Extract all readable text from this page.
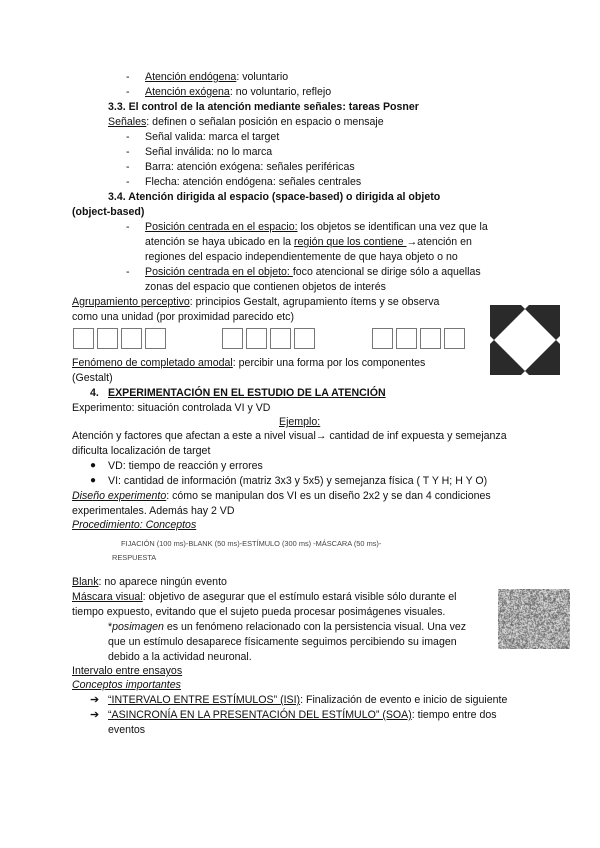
- Atención endógena: voluntario
- Atención exógena: no voluntario, reflejo
3.3. El control de la atención mediante señales: tareas Posner
Señales: definen o señalan posición en espacio o mensaje
- Señal valida: marca el target
- Señal inválida: no lo marca
- Barra: atención exógena: señales periféricas
- Flecha: atención endógena: señales centrales
3.4. Atención dirigida al espacio (space-based) o dirigida al objeto
(object-based)
- Posición centrada en el espacio: los objetos se identifican una vez que la
atención se haya ubicado en la región que los contiene →atención en
regiones del espacio independientemente de que haya objeto o no
- Posición centrada en el objeto: foco atencional se dirige sólo a aquellas
zonas del espacio que contienen objetos de interés
Agrupamiento perceptivo: principios Gestalt, agrupamiento ítems y se observa
como una unidad (por proximidad parecido etc)
Fenómeno de completado amodal: percibir una forma por los componentes
(Gestalt)
4. EXPERIMENTACIÓN EN EL ESTUDIO DE LA ATENCIÓN
Experimento: situación controlada VI y VD
Ejemplo:
Atención y factores que afectan a este a nivel visual→ cantidad de inf expuesta y semejanza
dificulta localización de target
● VD: tiempo de reacción y errores
● VI: cantidad de información (matriz 3x3 y 5x5) y semejanza física ( T Y H; H Y O)
Diseño experimento: cómo se manipulan dos VI es un diseño 2x2 y se dan 4 condiciones
experimentales. Además hay 2 VD
Procedimiento: Conceptos
FIJACIÓN (100 ms)-BLANK (50 ms)-ESTÍMULO (300 ms) -MÁSCARA (50 ms)-
RESPUESTA
Blank: no aparece ningún evento
Máscara visual: objetivo de asegurar que el estímulo estará visible sólo durante el
tiempo expuesto, evitando que el sujeto pueda procesar posimágenes visuales.
*posimagen es un fenómeno relacionado con la persistencia visual. Una vez
que un estímulo desaparece físicamente seguimos percibiendo su imagen
debido a la actividad neuronal.
Intervalo entre ensayos
Conceptos importantes
➔ “INTERVALO ENTRE ESTÍMULOS” (ISI): Finalización de evento e inicio de siguiente
➔ “ASINCRONÍA EN LA PRESENTACIÓN DEL ESTÍMULO” (SOA): tiempo entre dos
eventos
